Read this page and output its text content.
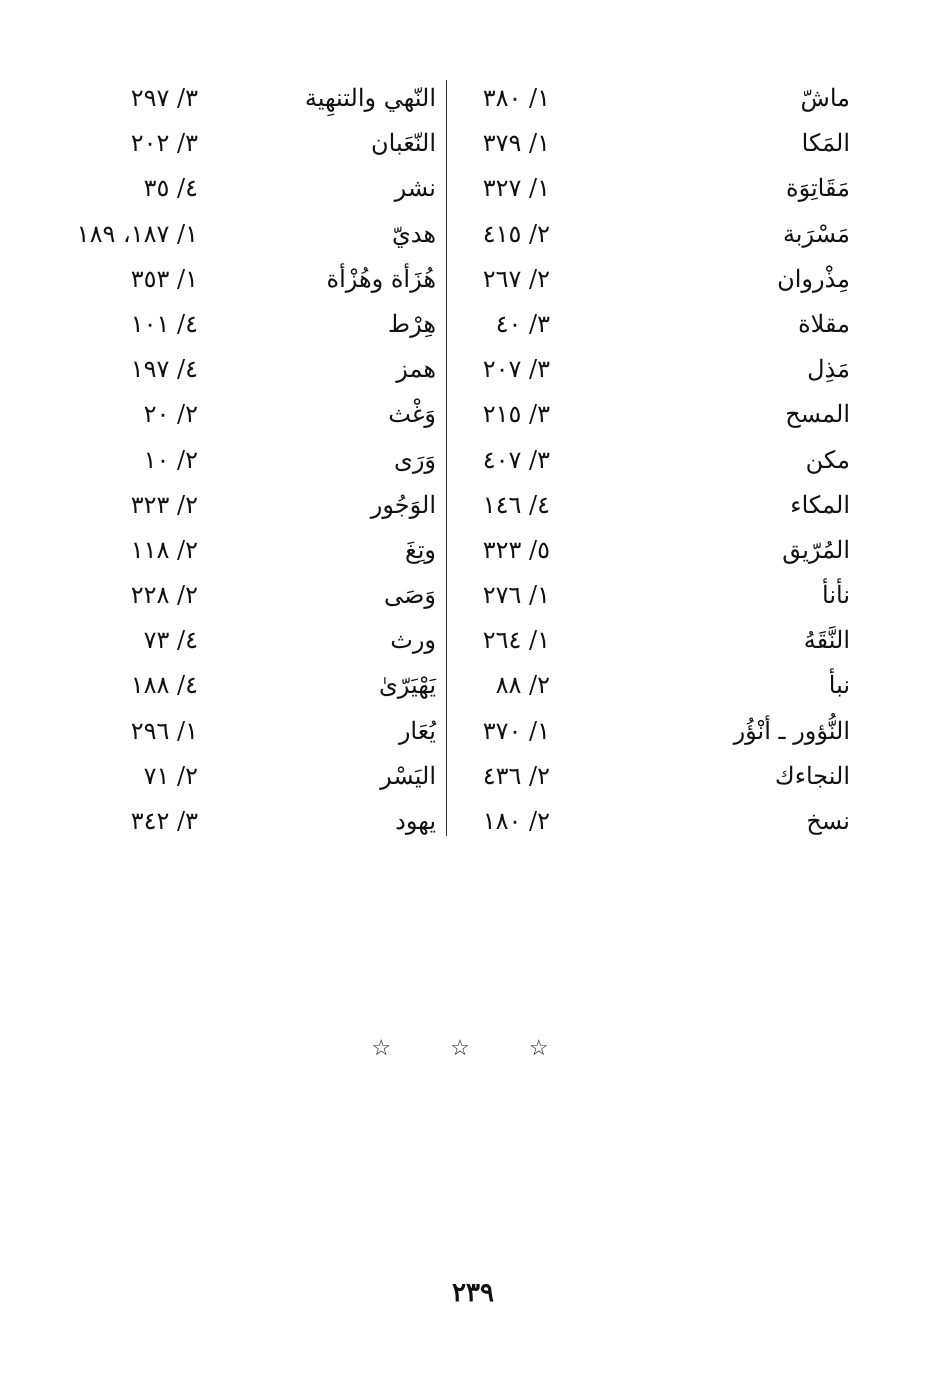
ماشّ
١/ ٣٨٠
النّهي والتنهِية
٣/ ٢٩٧
المَكا
١/ ٣٧٩
النّعَبان
٣/ ٢٠٢
مَقَاتِوَة
١/ ٣٢٧
نشر
٤/ ٣٥
مَسْرَبة
٢/ ٤١٥
هديّ
١/ ١٨٧، ١٨٩
مِذْروان
٢/ ٢٦٧
هُزَأة وهُزْأة
١/ ٣٥٣
مقلاة
٣/ ٤٠
هِرْط
٤/ ١٠١
مَذِل
٣/ ٢٠٧
همز
٤/ ١٩٧
المسح
٣/ ٢١٥
وَغْث
٢/ ٢٠
مكن
٣/ ٤٠٧
وَرَى
٢/ ١٠
المكاء
٤/ ١٤٦
الوَجُور
٢/ ٣٢٣
المُرّيق
٥/ ٣٢٣
وتِغَ
٢/ ١١٨
نأنأ
١/ ٢٧٦
وَصَى
٢/ ٢٢٨
النَّقَهُ
١/ ٢٦٤
ورث
٤/ ٧٣
نبأ
٢/ ٨٨
يَهْيَرّىٰ
٤/ ١٨٨
النُّؤور ـ أنْؤُر
١/ ٣٧٠
يُعَار
١/ ٢٩٦
النجاءك
٢/ ٤٣٦
اليَسْر
٢/ ٧١
نسخ
٢/ ١٨٠
يهود
٣/ ٣٤٢
☆ ☆ ☆
٢٣٩
